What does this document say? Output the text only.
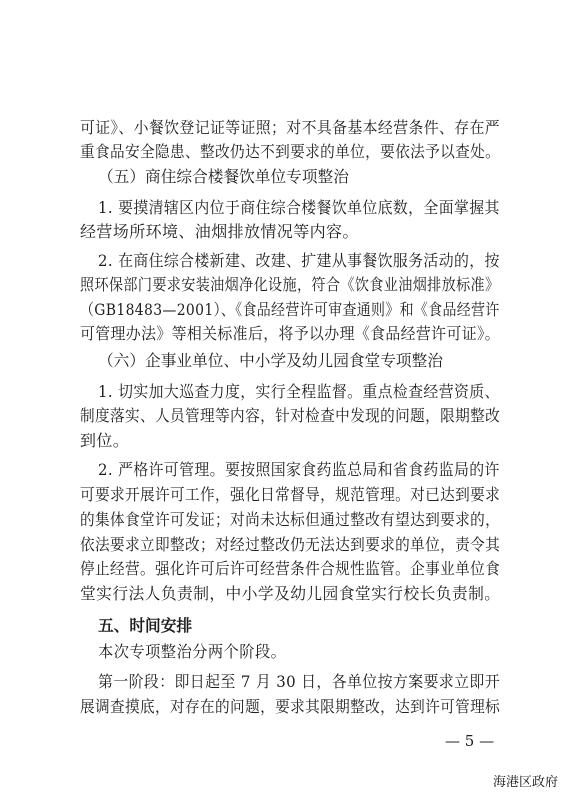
可证》、小餐饮登记证等证照；对不具备基本经营条件、存在严
重食品安全隐患、整改仍达不到要求的单位，要依法予以查处。
（五）商住综合楼餐饮单位专项整治
1. 要摸清辖区内位于商住综合楼餐饮单位底数，全面掌握其
经营场所环境、油烟排放情况等内容。
2. 在商住综合楼新建、改建、扩建从事餐饮服务活动的，按
照环保部门要求安装油烟净化设施，符合《饮食业油烟排放标准》
（GB18483—2001）、《食品经营许可审查通则》和《食品经营许
可管理办法》等相关标准后，将予以办理《食品经营许可证》。
（六）企事业单位、中小学及幼儿园食堂专项整治
1. 切实加大巡查力度，实行全程监督。重点检查经营资质、
制度落实、人员管理等内容，针对检查中发现的问题，限期整改
到位。
2. 严格许可管理。要按照国家食药监总局和省食药监局的许
可要求开展许可工作，强化日常督导，规范管理。对已达到要求
的集体食堂许可发证；对尚未达标但通过整改有望达到要求的，
依法要求立即整改；对经过整改仍无法达到要求的单位，责令其
停止经营。强化许可后许可经营条件合规性监管。企事业单位食
堂实行法人负责制，中小学及幼儿园食堂实行校长负责制。
五、时间安排
本次专项整治分两个阶段。
第一阶段：即日起至 7 月 30 日，各单位按方案要求立即开
展调查摸底，对存在的问题，要求其限期整改，达到许可管理标
— 5 —
海港区政府
